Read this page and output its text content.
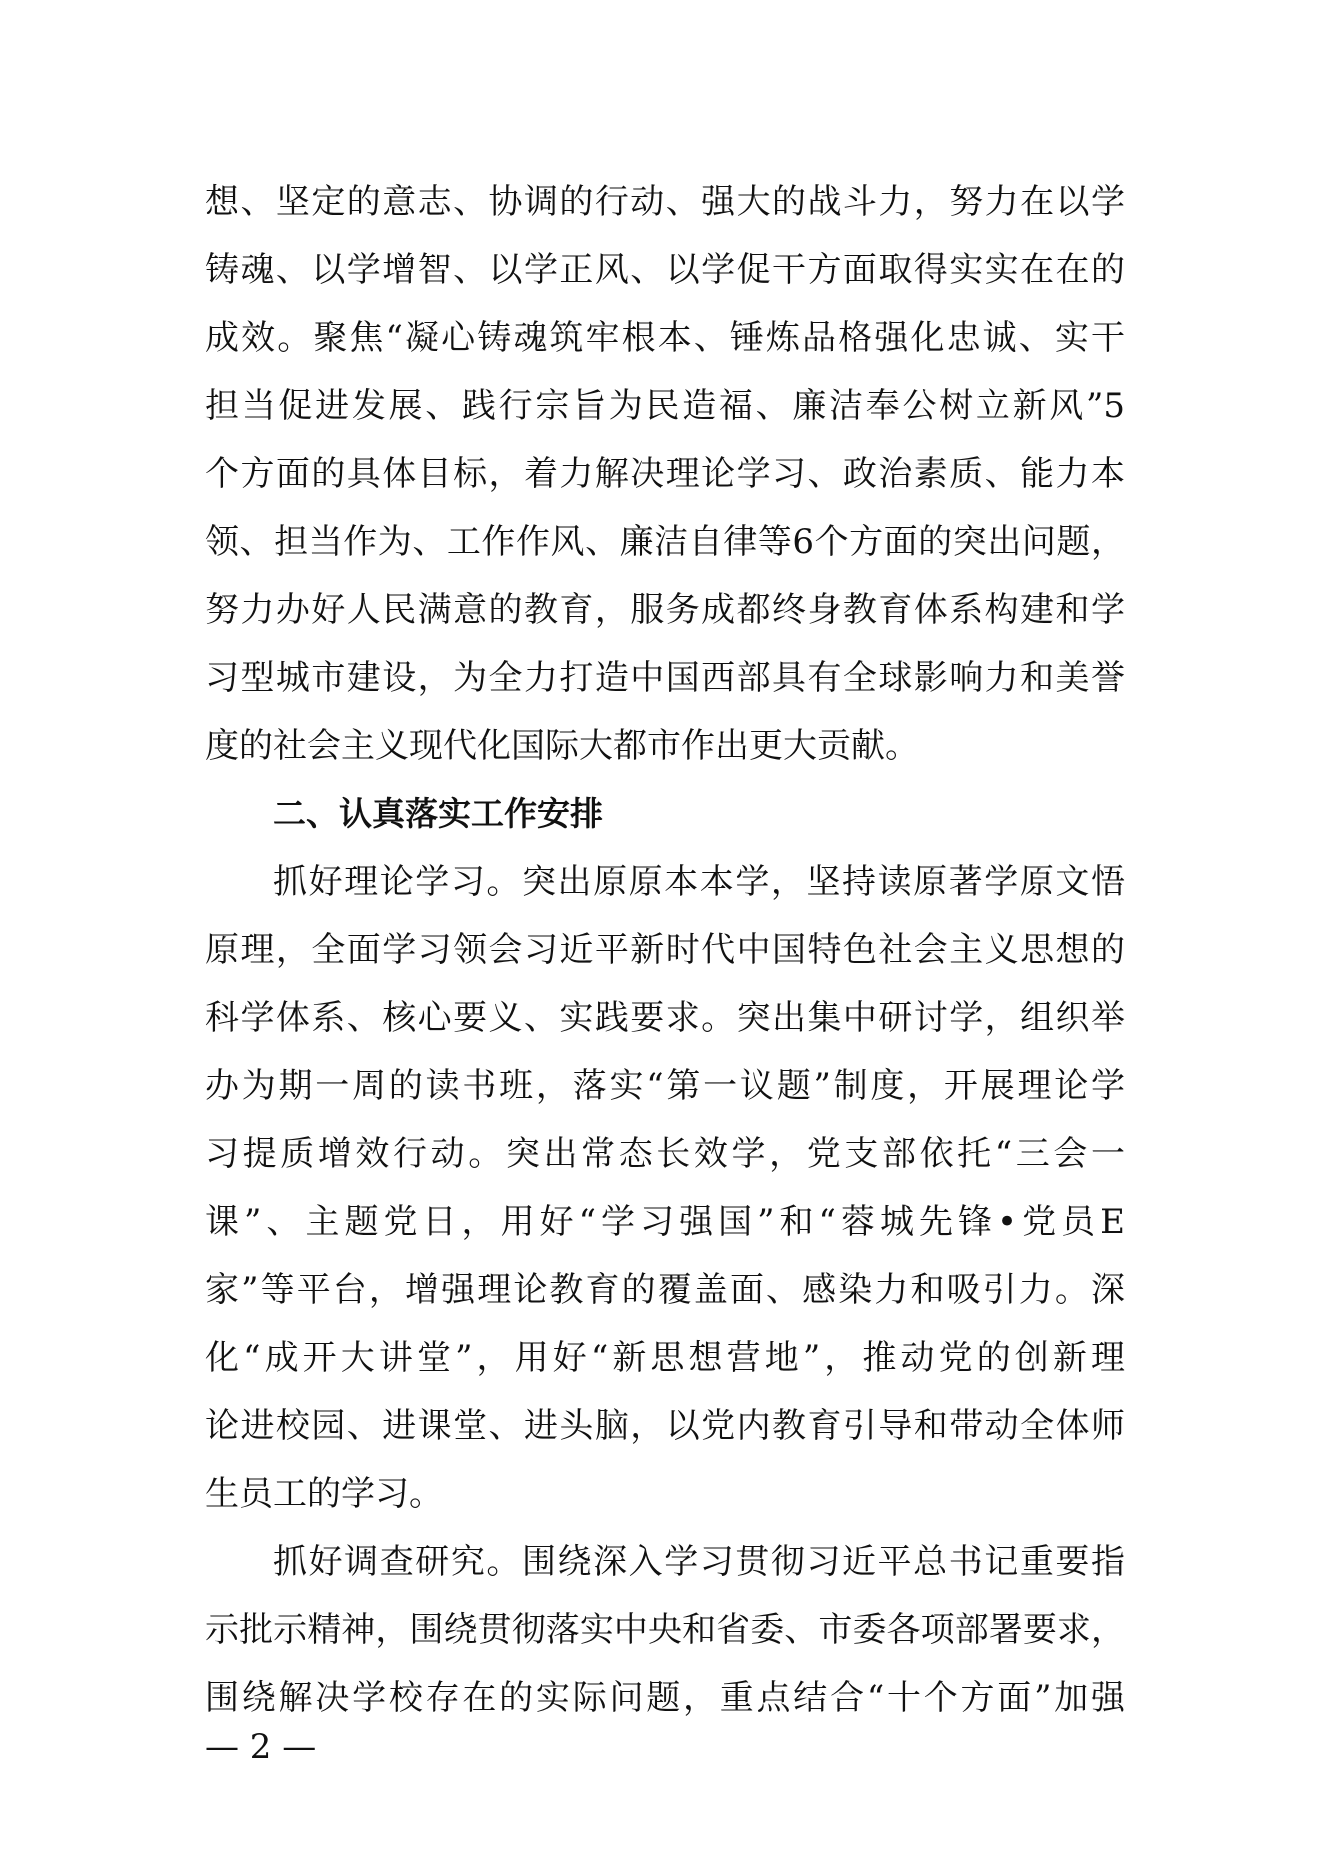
想、坚定的意志、协调的行动、强大的战斗力，努力在以学
铸魂、以学增智、以学正风、以学促干方面取得实实在在的
成效。聚焦“凝心铸魂筑牢根本、锤炼品格强化忠诚、实干
担当促进发展、践行宗旨为民造福、廉洁奉公树立新风”5
个方面的具体目标，着力解决理论学习、政治素质、能力本
领、担当作为、工作作风、廉洁自律等6个方面的突出问题，
努力办好人民满意的教育，服务成都终身教育体系构建和学
习型城市建设，为全力打造中国西部具有全球影响力和美誉
度的社会主义现代化国际大都市作出更大贡献。
二、认真落实工作安排
抓好理论学习。突出原原本本学，坚持读原著学原文悟
原理，全面学习领会习近平新时代中国特色社会主义思想的
科学体系、核心要义、实践要求。突出集中研讨学，组织举
办为期一周的读书班，落实“第一议题”制度，开展理论学
习提质增效行动。突出常态长效学，党支部依托“三会一
课”、主题党日，用好“学习强国”和“蓉城先锋•党员E
家”等平台，增强理论教育的覆盖面、感染力和吸引力。深
化“成开大讲堂”，用好“新思想营地”，推动党的创新理
论进校园、进课堂、进头脑，以党内教育引导和带动全体师
生员工的学习。
抓好调查研究。围绕深入学习贯彻习近平总书记重要指
示批示精神，围绕贯彻落实中央和省委、市委各项部署要求，
围绕解决学校存在的实际问题，重点结合“十个方面”加强
— 2 —
